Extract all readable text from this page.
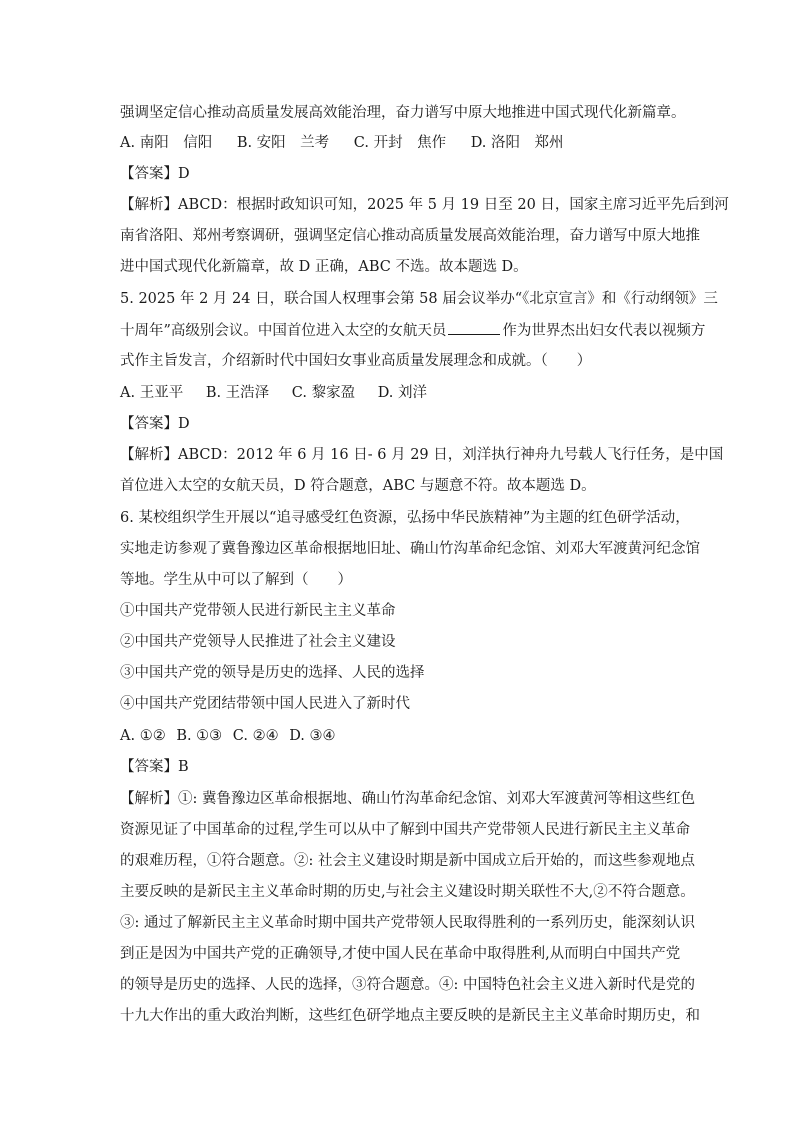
强调坚定信心推动高质量发展高效能治理，奋力谱写中原大地推进中国式现代化新篇章。
A. 南阳　信阳 B. 安阳　兰考 C. 开封　焦作 D. 洛阳　郑州
【答案】D
【解析】ABCD：根据时政知识可知，2025 年 5 月 19 日至 20 日，国家主席习近平先后到河
南省洛阳、郑州考察调研，强调坚定信心推动高质量发展高效能治理，奋力谱写中原大地推
进中国式现代化新篇章，故 D 正确，ABC 不选。故本题选 D。
5. 2025 年 2 月 24 日，联合国人权理事会第 58 届会议举办“《北京宣言》和《行动纲领》三
十周年”高级别会议。中国首位进入太空的女航天员	作为世界杰出妇女代表以视频方
式作主旨发言，介绍新时代中国妇女事业高质量发展理念和成就。（　　）
A. 王亚平 B. 王浩泽 C. 黎家盈 D. 刘洋
【答案】D
【解析】ABCD：2012 年 6 月 16 日- 6 月 29 日，刘洋执行神舟九号载人飞行任务，是中国
首位进入太空的女航天员，D 符合题意，ABC 与题意不符。故本题选 D。
6. 某校组织学生开展以“追寻感受红色资源，弘扬中华民族精神”为主题的红色研学活动，
实地走访参观了冀鲁豫边区革命根据地旧址、确山竹沟革命纪念馆、刘邓大军渡黄河纪念馆
等地。学生从中可以了解到（　　）
①中国共产党带领人民进行新民主主义革命
②中国共产党领导人民推进了社会主义建设
③中国共产党的领导是历史的选择、人民的选择
④中国共产党团结带领中国人民进入了新时代
A. ①② B. ①③ C. ②④ D. ③④
【答案】B
【解析】①: 冀鲁豫边区革命根据地、确山竹沟革命纪念馆、刘邓大军渡黄河等相这些红色
资源见证了中国革命的过程,学生可以从中了解到中国共产党带领人民进行新民主主义革命
的艰难历程，①符合题意。②: 社会主义建设时期是新中国成立后开始的，而这些参观地点
主要反映的是新民主主义革命时期的历史,与社会主义建设时期关联性不大,②不符合题意。
③: 通过了解新民主主义革命时期中国共产党带领人民取得胜利的一系列历史，能深刻认识
到正是因为中国共产党的正确领导,才使中国人民在革命中取得胜利,从而明白中国共产党
的领导是历史的选择、人民的选择，③符合题意。④: 中国特色社会主义进入新时代是党的
十九大作出的重大政治判断，这些红色研学地点主要反映的是新民主主义革命时期历史，和
